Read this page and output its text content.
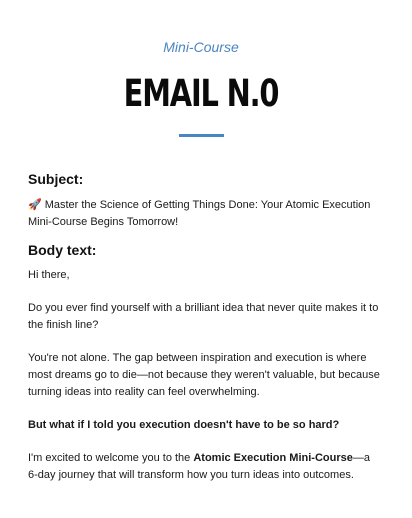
Mini-Course
EMAIL N.0
Subject:

🚀 Master the Science of Getting Things Done: Your Atomic Execution Mini-Course Begins Tomorrow!

Body text:

Hi there,

Do you ever find yourself with a brilliant idea that never quite makes it to the finish line?

You're not alone. The gap between inspiration and execution is where most dreams go to die—not because they weren't valuable, but because turning ideas into reality can feel overwhelming.

But what if I told you execution doesn't have to be so hard?

I'm excited to welcome you to the Atomic Execution Mini-Course—a 6-day journey that will transform how you turn ideas into outcomes.
